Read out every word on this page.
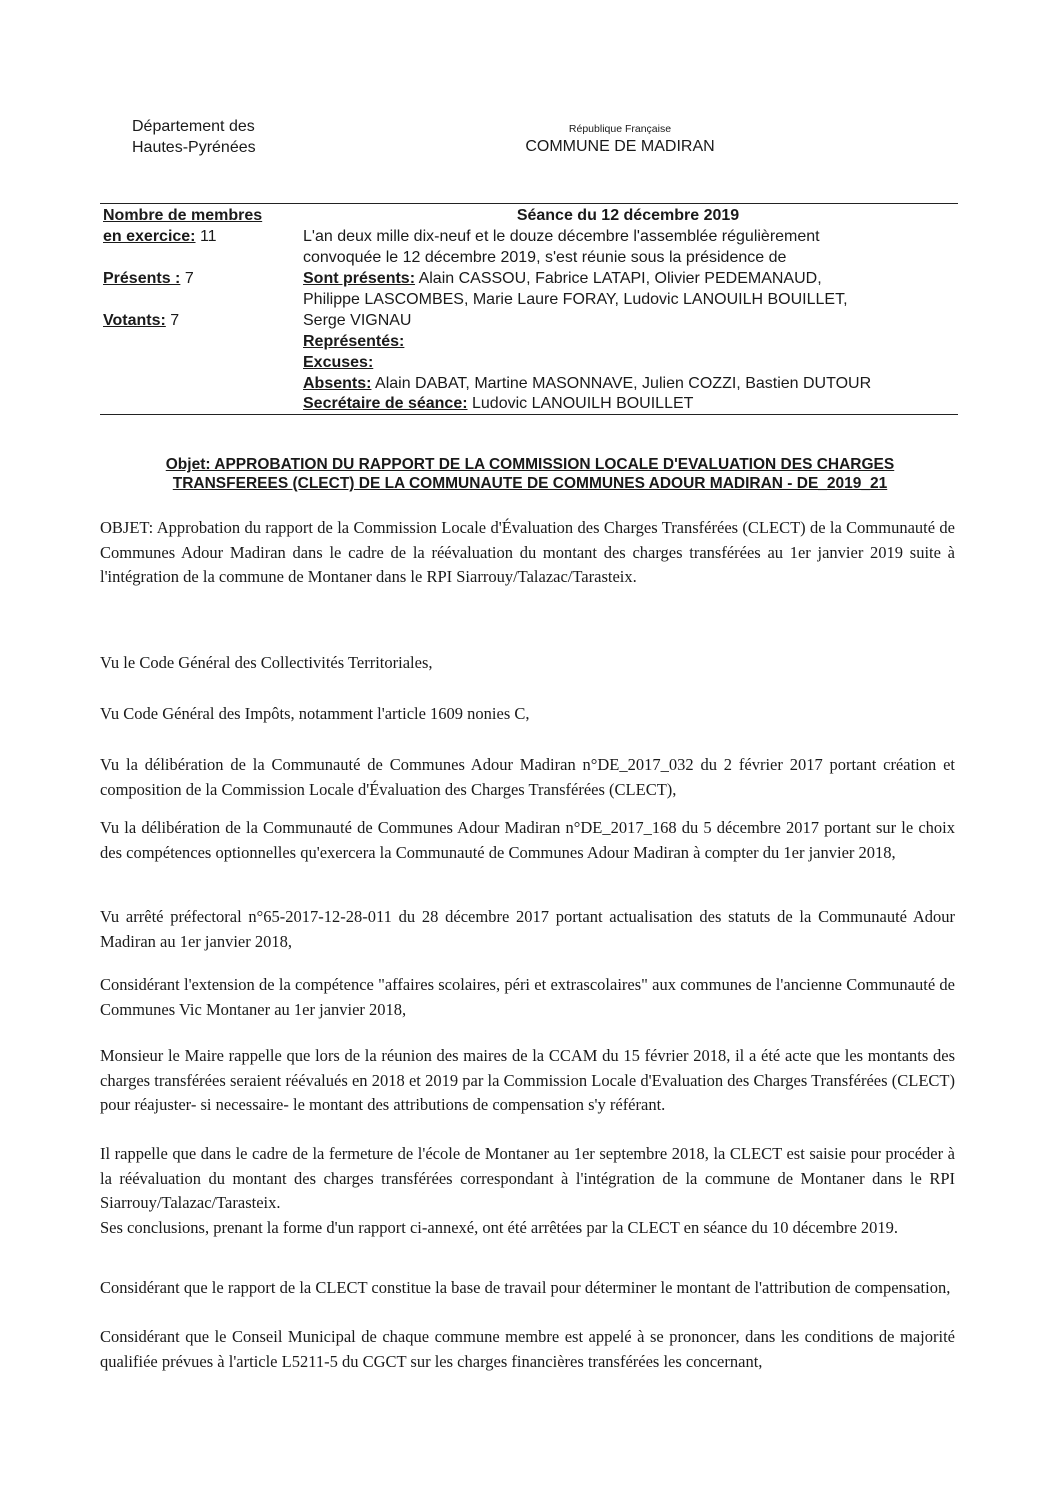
Département des
Hautes-Pyrénées
République Française
COMMUNE DE MADIRAN
Nombre de membres
en exercice: 11
Présents : 7
Votants: 7
Séance du 12 décembre 2019
L'an deux mille dix-neuf et le douze décembre l'assemblée régulièrement
convoquée le 12 décembre 2019, s'est réunie sous la présidence de
Sont présents: Alain CASSOU, Fabrice LATAPI, Olivier PEDEMANAUD,
Philippe LASCOMBES, Marie Laure FORAY, Ludovic LANOUILH BOUILLET,
Serge VIGNAU
Représentés:
Excuses:
Absents: Alain DABAT, Martine MASONNAVE, Julien COZZI, Bastien DUTOUR
Secrétaire de séance: Ludovic LANOUILH BOUILLET
Objet: APPROBATION DU RAPPORT DE LA COMMISSION LOCALE D'EVALUATION DES CHARGES
TRANSFEREES (CLECT) DE LA COMMUNAUTE DE COMMUNES ADOUR MADIRAN - DE_2019_21
OBJET: Approbation du rapport de la Commission Locale d'Évaluation des Charges Transférées (CLECT) de la Communauté de Communes Adour Madiran dans le cadre de la réévaluation du montant des charges transférées au 1er janvier 2019 suite à l'intégration de la commune de Montaner dans le RPI Siarrouy/Talazac/Tarasteix.
Vu le Code Général des Collectivités Territoriales,
Vu Code Général des Impôts, notamment l'article 1609 nonies C,
Vu la délibération de la Communauté de Communes Adour Madiran n°DE_2017_032 du 2 février 2017 portant création et composition de la Commission Locale d'Évaluation des Charges Transférées (CLECT),
Vu la délibération de la Communauté de Communes Adour Madiran n°DE_2017_168 du 5 décembre 2017 portant sur le choix des compétences optionnelles qu'exercera la Communauté de Communes Adour Madiran à compter du 1er janvier 2018,
Vu arrêté préfectoral n°65-2017-12-28-011 du 28 décembre 2017 portant actualisation des statuts de la Communauté Adour Madiran au 1er janvier 2018,
Considérant l'extension de la compétence "affaires scolaires, péri et extrascolaires" aux communes de l'ancienne Communauté de Communes Vic Montaner au 1er janvier 2018,
Monsieur le Maire rappelle que lors de la réunion des maires de la CCAM du 15 février 2018, il a été acte que les montants des charges transférées seraient réévalués en 2018 et 2019 par la Commission Locale d'Evaluation des Charges Transférées (CLECT) pour réajuster- si necessaire- le montant des attributions de compensation s'y référant.
Il rappelle que dans le cadre de la fermeture de l'école de Montaner au 1er septembre 2018, la CLECT est saisie pour procéder à la réévaluation du montant des charges transférées correspondant à l'intégration de la commune de Montaner dans le RPI Siarrouy/Talazac/Tarasteix.
Ses conclusions, prenant la forme d'un rapport ci-annexé, ont été arrêtées par la CLECT en séance du 10 décembre 2019.
Considérant que le rapport de la CLECT constitue la base de travail pour déterminer le montant de l'attribution de compensation,
Considérant que le Conseil Municipal de chaque commune membre est appelé à se prononcer, dans les conditions de majorité qualifiée prévues à l'article L5211-5 du CGCT sur les charges financières transférées les concernant,
